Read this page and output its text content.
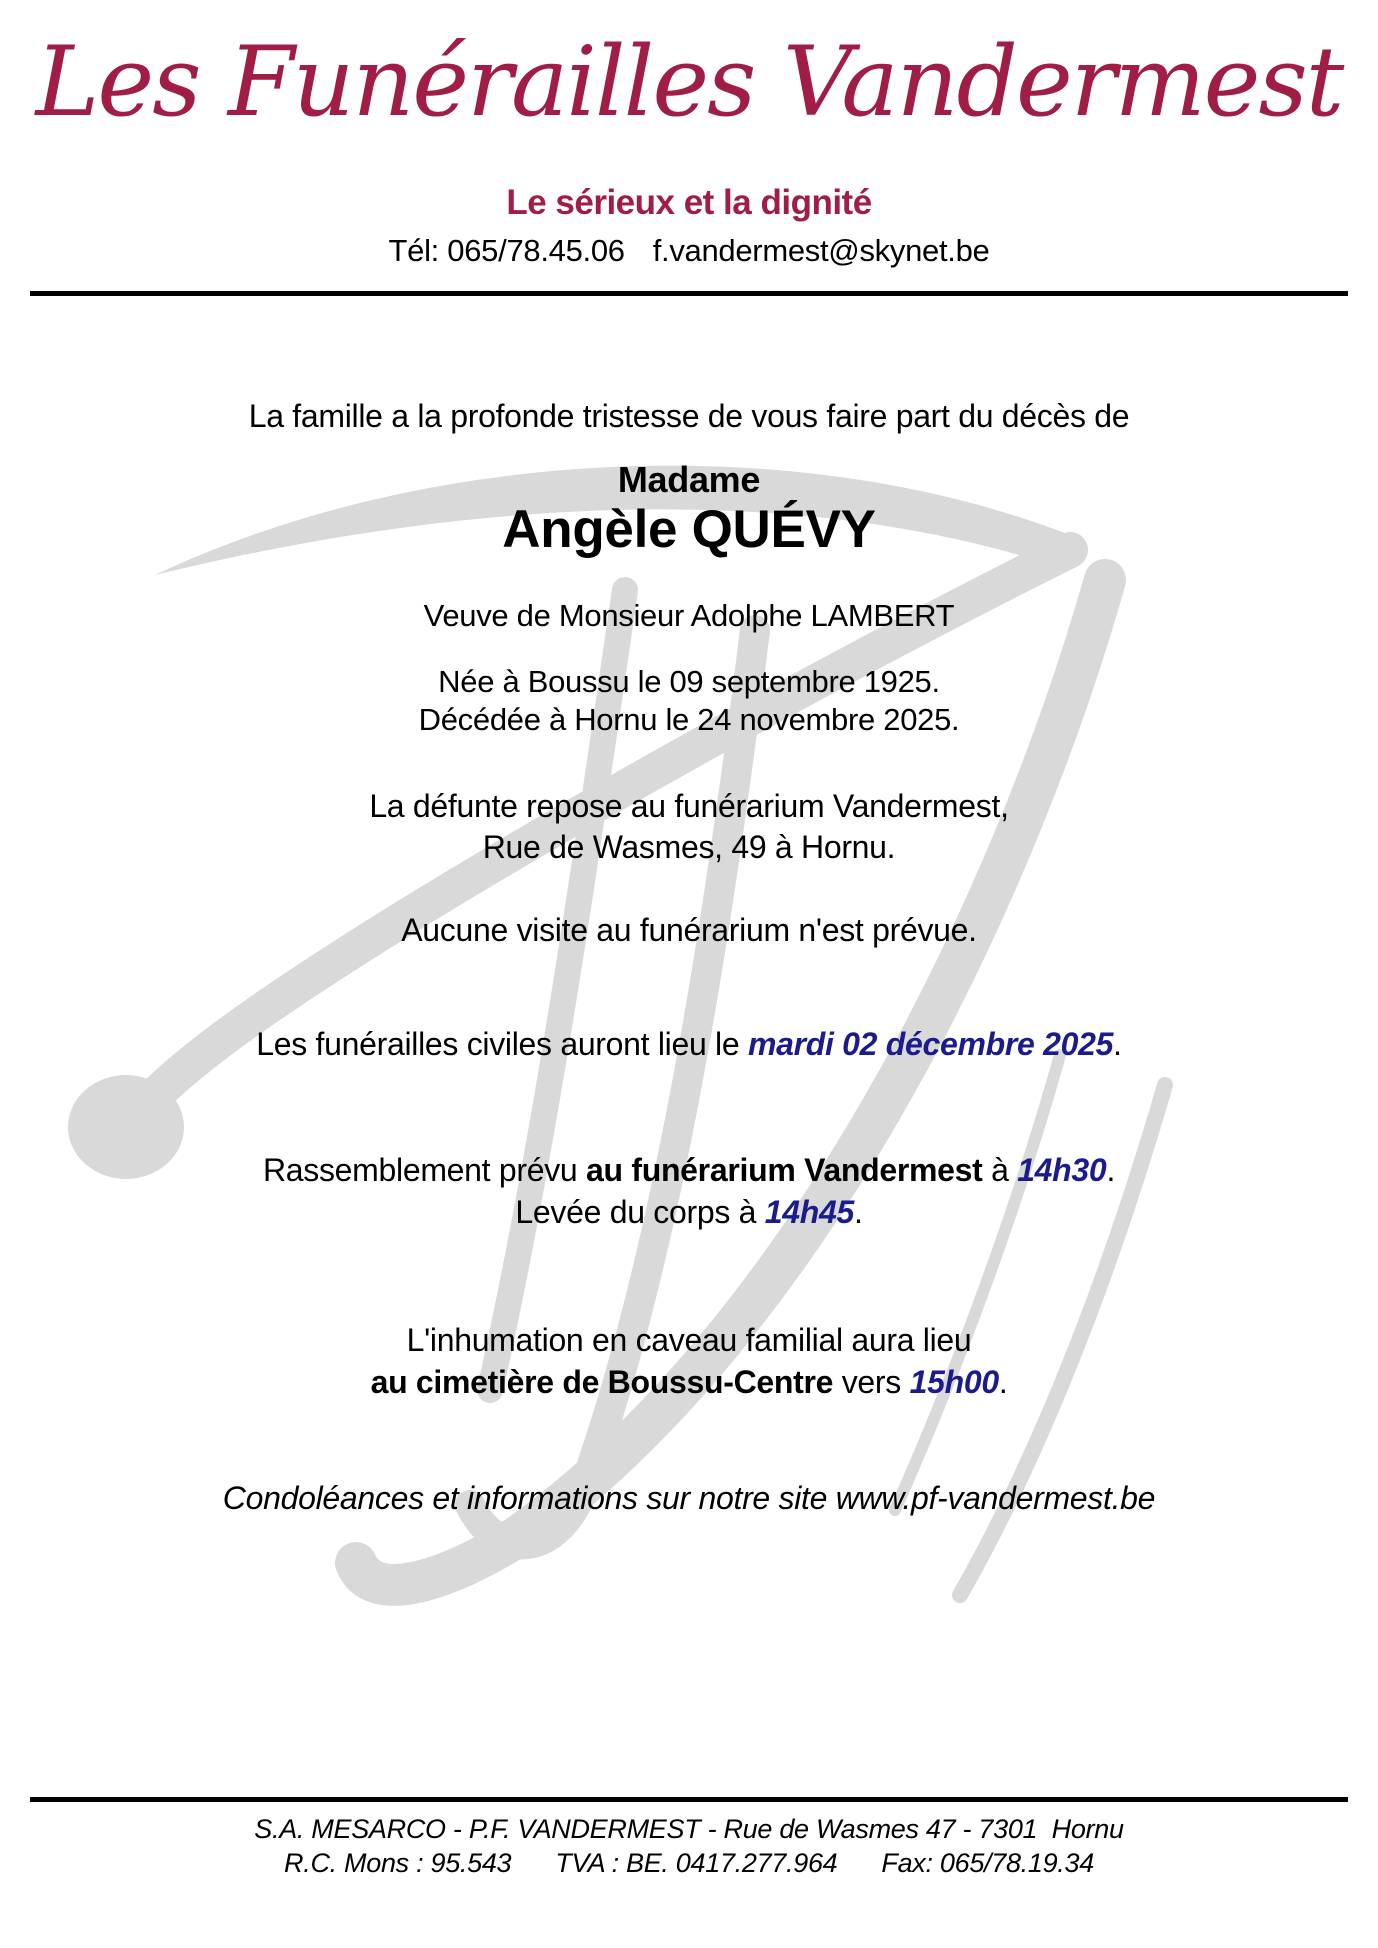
Les Funérailles Vandermest
Le sérieux et la dignité
Tél: 065/78.45.06 f.vandermest@skynet.be
La famille a la profonde tristesse de vous faire part du décès de
Madame
Angèle QUÉVY
Veuve de Monsieur Adolphe LAMBERT
Née à Boussu le 09 septembre 1925.
Décédée à Hornu le 24 novembre 2025.
La défunte repose au funérarium Vandermest,
Rue de Wasmes, 49 à Hornu.
Aucune visite au funérarium n'est prévue.
Les funérailles civiles auront lieu le mardi 02 décembre 2025.
Rassemblement prévu au funérarium Vandermest à 14h30.
Levée du corps à 14h45.
L'inhumation en caveau familial aura lieu
au cimetière de Boussu-Centre vers 15h00.
Condoléances et informations sur notre site www.pf-vandermest.be
S.A. MESARCO - P.F. VANDERMEST - Rue de Wasmes 47 - 7301  Hornu
R.C. Mons : 95.543 TVA : BE. 0417.277.964 Fax: 065/78.19.34
